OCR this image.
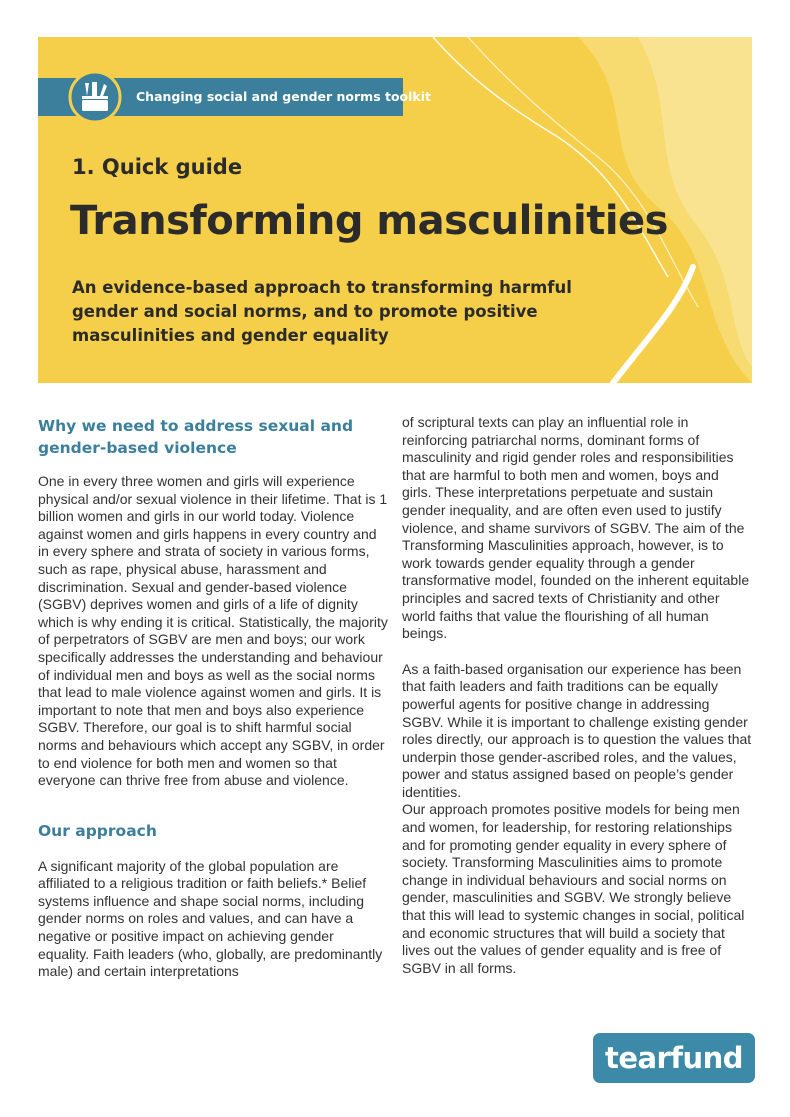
Changing social and gender norms toolkit
1. Quick guide
Transforming masculinities

An evidence-based approach to transforming harmful gender and social norms, and to promote positive masculinities and gender equality

Why we need to address sexual and gender-based violence

One in every three women and girls will experience physical and/or sexual violence in their lifetime. That is 1 billion women and girls in our world today. Violence against women and girls happens in every country and in every sphere and strata of society in various forms, such as rape, physical abuse, harassment and discrimination. Sexual and gender-based violence (SGBV) deprives women and girls of a life of dignity which is why ending it is critical. Statistically, the majority of perpetrators of SGBV are men and boys; our work specifically addresses the understanding and behaviour of individual men and boys as well as the social norms that lead to male violence against women and girls. It is important to note that men and boys also experience SGBV. Therefore, our goal is to shift harmful social norms and behaviours which accept any SGBV, in order to end violence for both men and women so that everyone can thrive free from abuse and violence.

Our approach

A significant majority of the global population are affiliated to a religious tradition or faith beliefs.* Belief systems influence and shape social norms, including gender norms on roles and values, and can have a negative or positive impact on achieving gender equality. Faith leaders (who, globally, are predominantly male) and certain interpretations

of scriptural texts can play an influential role in reinforcing patriarchal norms, dominant forms of masculinity and rigid gender roles and responsibilities that are harmful to both men and women, boys and girls. These interpretations perpetuate and sustain gender inequality, and are often even used to justify violence, and shame survivors of SGBV. The aim of the Transforming Masculinities approach, however, is to work towards gender equality through a gender transformative model, founded on the inherent equitable principles and sacred texts of Christianity and other world faiths that value the flourishing of all human beings.

As a faith-based organisation our experience has been that faith leaders and faith traditions can be equally powerful agents for positive change in addressing SGBV. While it is important to challenge existing gender roles directly, our approach is to question the values that underpin those gender-ascribed roles, and the values, power and status assigned based on people’s gender identities.

Our approach promotes positive models for being men and women, for leadership, for restoring relationships and for promoting gender equality in every sphere of society. Transforming Masculinities aims to promote change in individual behaviours and social norms on gender, masculinities and SGBV. We strongly believe that this will lead to systemic changes in social, political and economic structures that will build a society that lives out the values of gender equality and is free of SGBV in all forms.

tearfund
